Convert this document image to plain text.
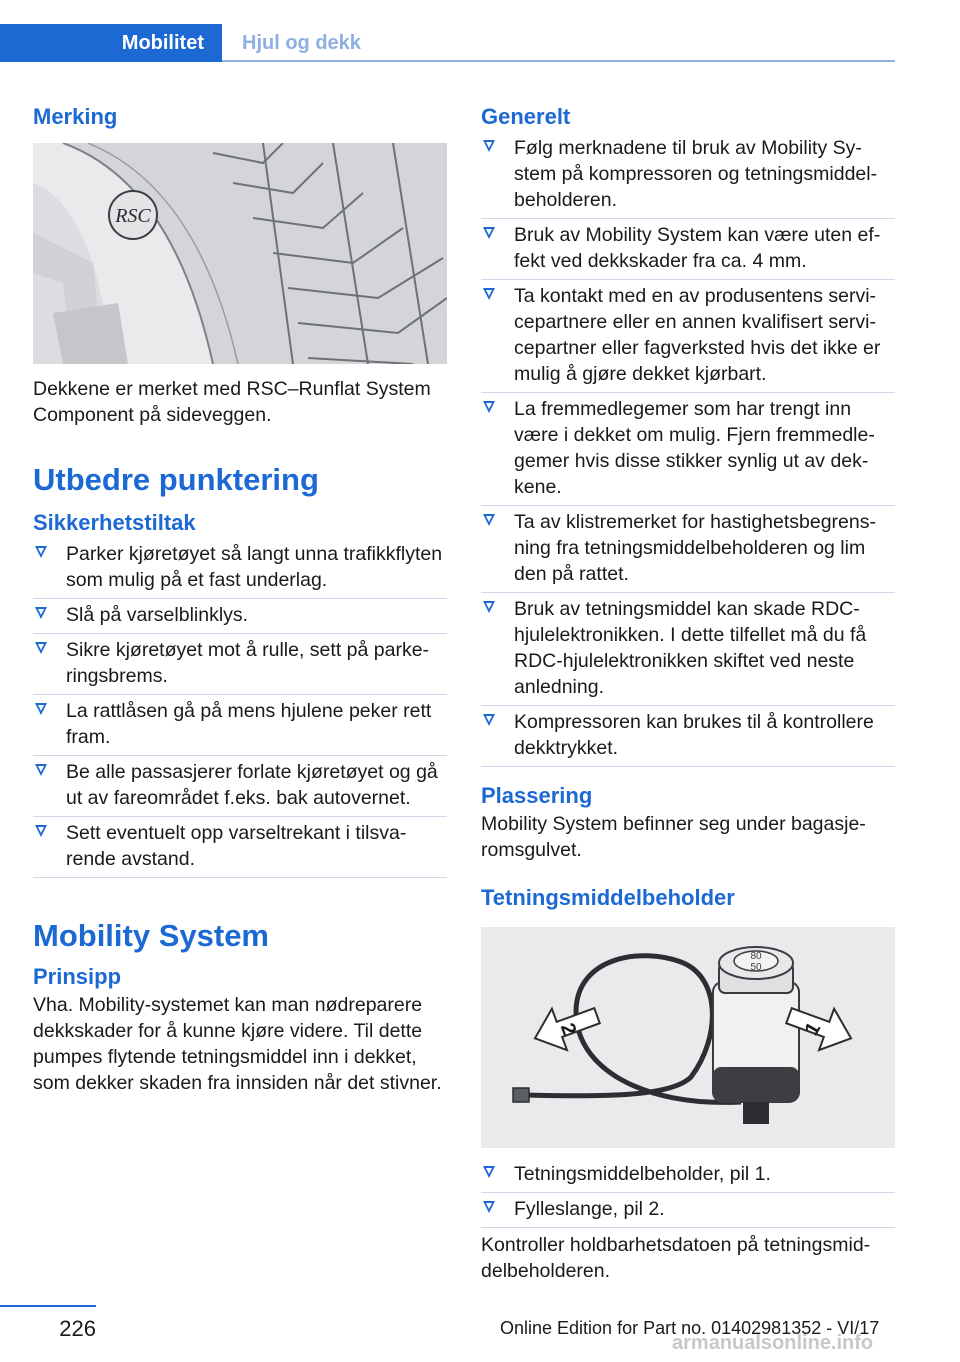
Mobilitet	Hjul og dekk
Merking
RSC

Dekkene er merket med RSC–Runflat System Component på sideveggen.

Utbedre punktering
Sikkerhetstiltak
Parker kjøretøyet så langt unna trafikkflyten som mulig på et fast underlag.
Slå på varselblinklys.
Sikre kjøretøyet mot å rulle, sett på parkeringsbrems.
La rattlåsen gå på mens hjulene peker rett fram.
Be alle passasjerer forlate kjøretøyet og gå ut av fareområdet f.eks. bak autovernet.
Sett eventuelt opp varseltrekant i tilsvarende avstand.
Mobility System
Prinsipp

Vha. Mobility-systemet kan man nødreparere dekkskader for å kunne kjøre videre. Til dette pumpes flytende tetningsmiddel inn i dekket, som dekker skaden fra innsiden når det stivner.

Generelt
Følg merknadene til bruk av Mobility System på kompressoren og tetningsmiddelbeholderen.
Bruk av Mobility System kan være uten effekt ved dekkskader fra ca. 4 mm.
Ta kontakt med en av produsentens servicepartnere eller en annen kvalifisert servicepartner eller fagverksted hvis det ikke er mulig å gjøre dekket kjørbart.
La fremmedlegemer som har trengt inn være i dekket om mulig. Fjern fremmedlegemer hvis disse stikker synlig ut av dekkene.
Ta av klistremerket for hastighetsbegrensning fra tetningsmiddelbeholderen og lim den på rattet.
Bruk av tetningsmiddel kan skade RDC-hjulelektronikken. I dette tilfellet må du få RDC-hjulelektronikken skiftet ved neste anledning.
Kompressoren kan brukes til å kontrollere dekktrykket.
Plassering

Mobility System befinner seg under bagasjeromsgulvet.

Tetningsmiddelbeholder
80
50
2	1
Tetningsmiddelbeholder, pil 1.
Fylleslange, pil 2.

Kontroller holdbarhetsdatoen på tetningsmiddelbeholderen.

226	Online Edition for Part no. 01402981352 - VI/17
armanualsonline.info
